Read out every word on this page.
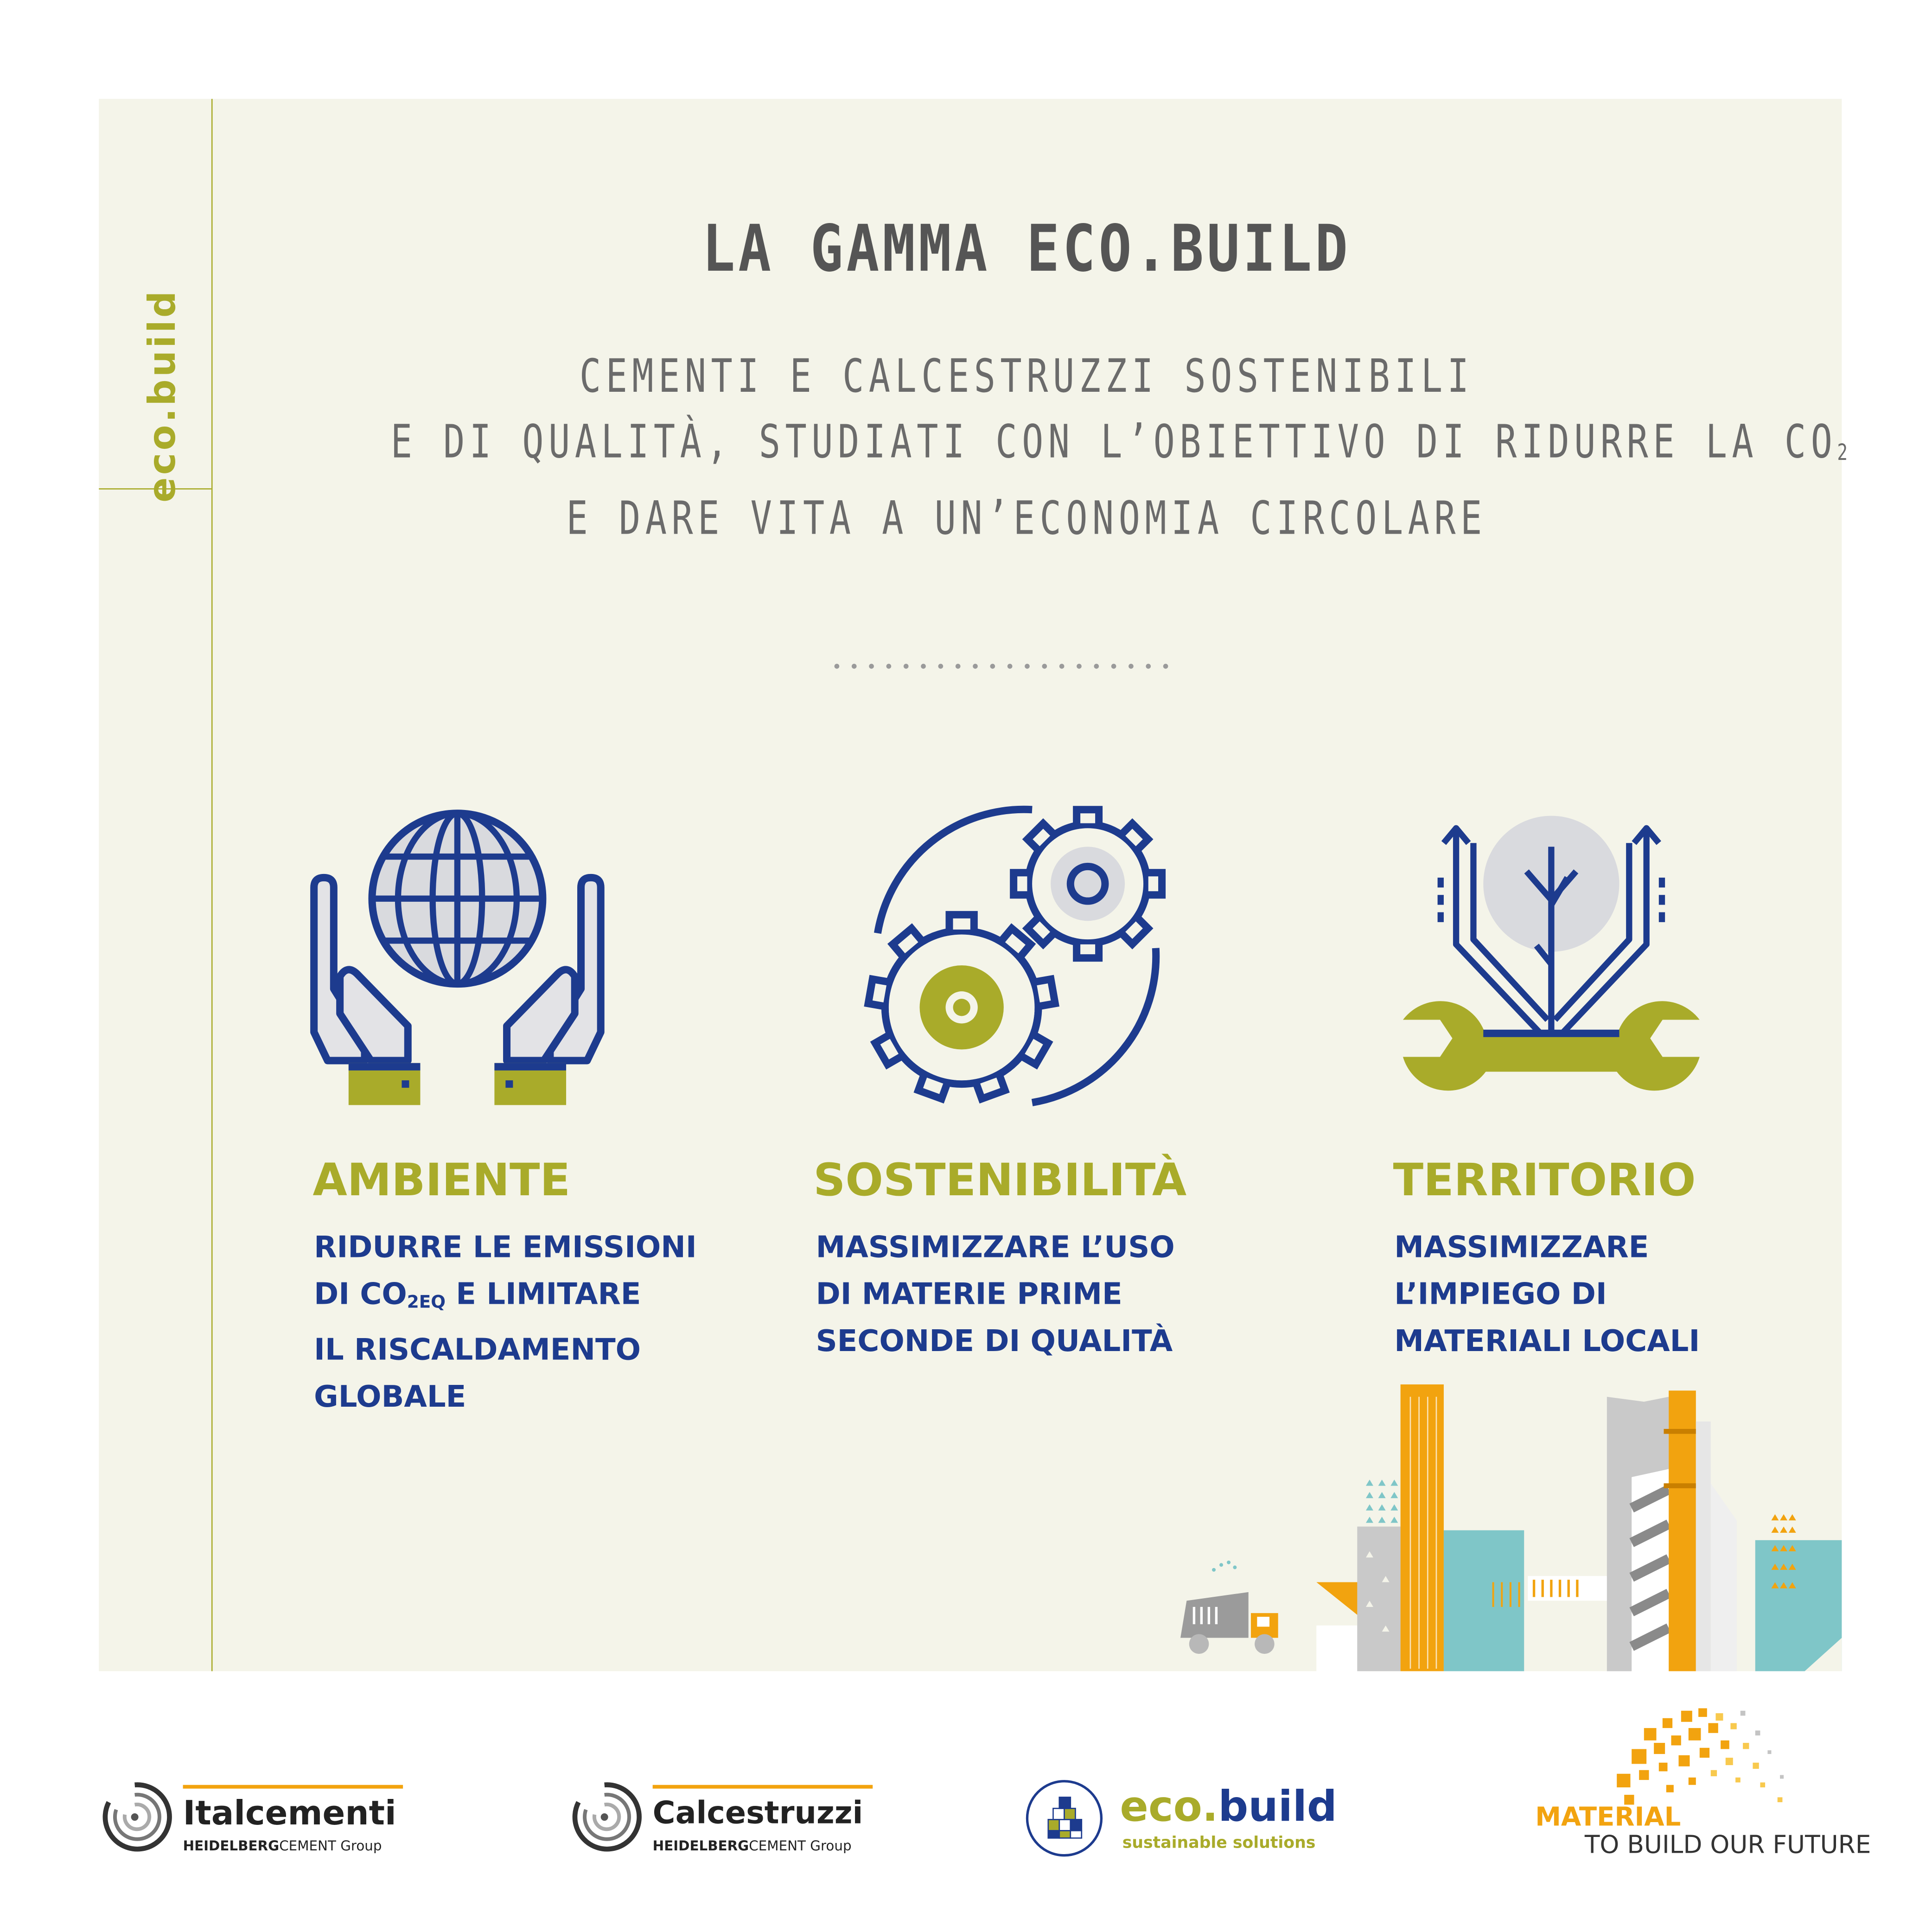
eco.build
LA GAMMA ECO.BUILD
CEMENTI E CALCESTRUZZI SOSTENIBILI
E DI QUALITÀ, STUDIATI CON L’OBIETTIVO DI RIDURRE LA $CO_2$
E DARE VITA A UN’ECONOMIA CIRCOLARE
AMBIENTE	SOSTENIBILITÀ	TERRITORIO
RIDURRE LE EMISSIONI
DI $CO_{2EQ}$ E LIMITARE
IL RISCALDAMENTO
GLOBALE
MASSIMIZZARE L’USO
DI MATERIE PRIME
SECONDE DI QUALITÀ
MASSIMIZZARE
L’IMPIEGO DI
MATERIALI LOCALI
Italcementi
HEIDELBERGCEMENT Group
Calcestruzzi
HEIDELBERGCEMENT Group
eco.build
sustainable solutions
MATERIAL
TO BUILD OUR FUTURE
